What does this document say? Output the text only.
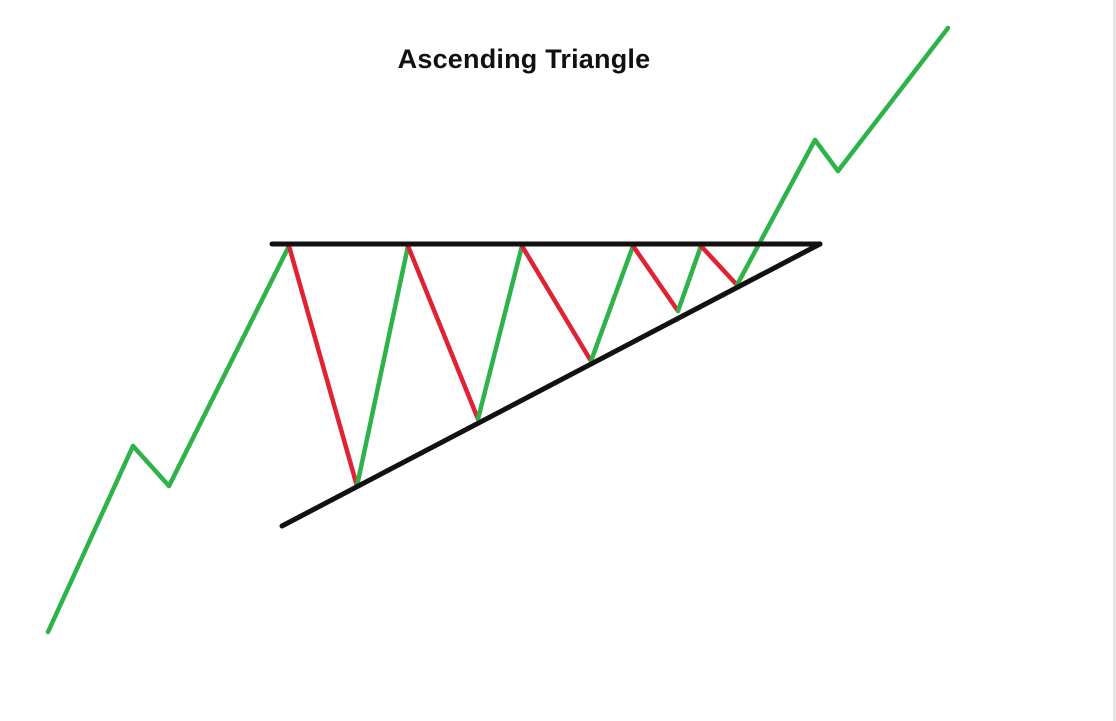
Ascending Triangle
